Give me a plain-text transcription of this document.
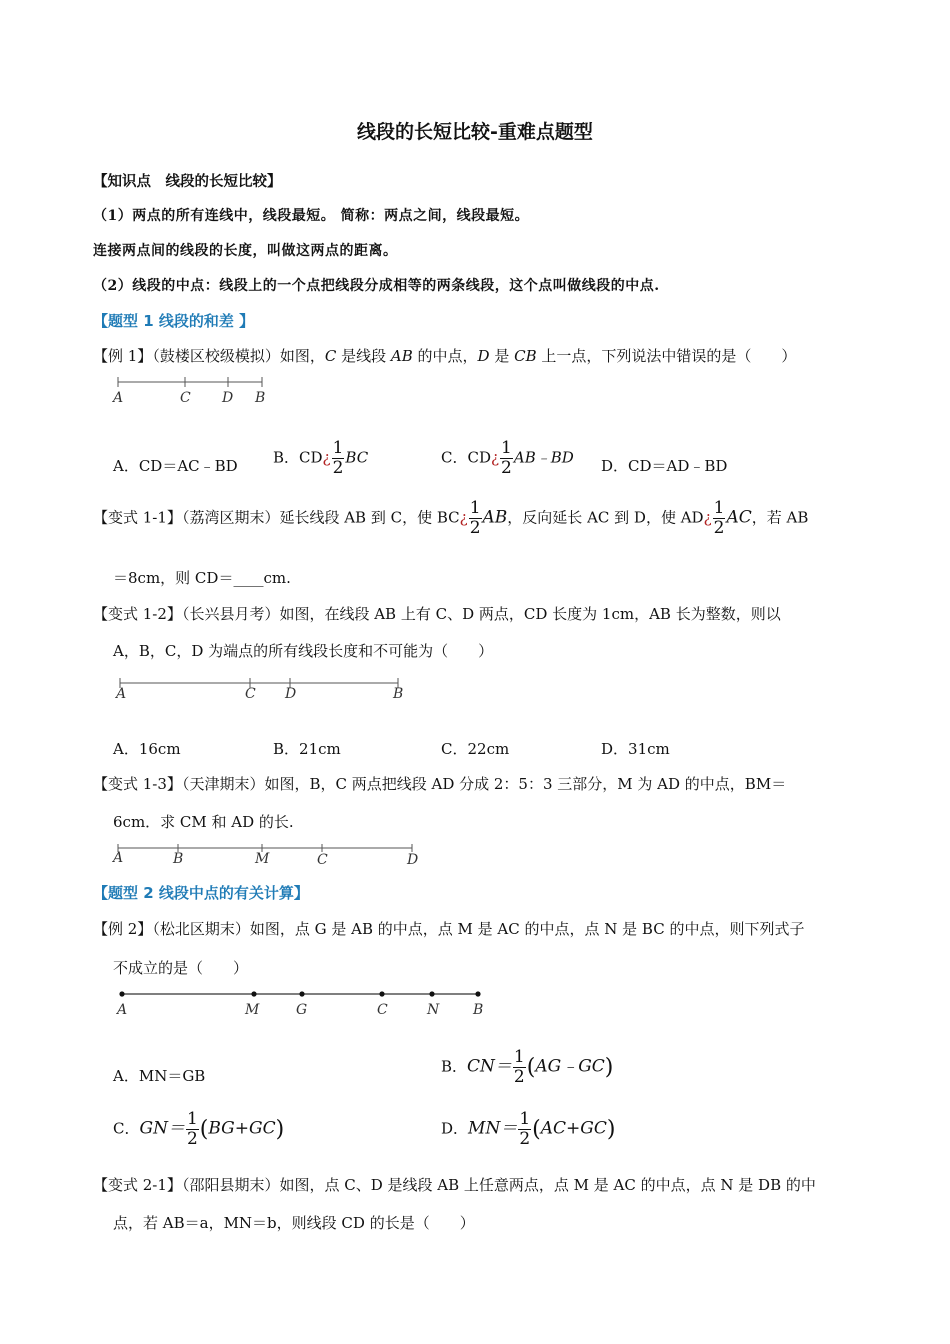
线段的长短比较-重难点题型
【知识点　线段的长短比较】
（1）两点的所有连线中，线段最短。 简称：两点之间，线段最短。
连接两点间的线段的长度，叫做这两点的距离。
（2）线段的中点：线段上的一个点把线段分成相等的两条线段，这个点叫做线段的中点.
【题型 1 线段的和差 】
【例 1】（鼓楼区校级模拟）如图，C 是线段 AB 的中点，D 是 CB 上一点，下列说法中错误的是（　　）
A	C D B
A．CD＝AC﹣BD B．CD¿ $\frac{1}{2}$ BC	C．CD¿ $\frac{1}{2}$ AB﹣BD D．CD＝AD﹣BD
【变式 1-1】（荔湾区期末）延长线段 AB 到 C，使 BC¿ $\frac{1}{2}$ AB，反向延长 AC 到 D，使 AD¿ $\frac{1}{2}$ AC，若 AB
＝8cm，则 CD＝____cm.
【变式 1-2】（长兴县月考）如图，在线段 AB 上有 C、D 两点，CD 长度为 1cm，AB 长为整数，则以
A，B，C，D 为端点的所有线段长度和不可能为（　　）
A	C D	B
A．16cm	B．21cm	C．22cm	D．31cm
【变式 1-3】（天津期末）如图，B，C 两点把线段 AD 分成 2：5：3 三部分，M 为 AD 的中点，BM＝
6cm．求 CM 和 AD 的长.
A	B	M	C	D
【题型 2 线段中点的有关计算】
【例 2】（松北区期末）如图，点 G 是 AB 的中点，点 M 是 AC 的中点，点 N 是 BC 的中点，则下列式子
不成立的是（　　）
A	M	G	C	N B
A．MN＝GB
B．$CN= \frac{1}{2}$ (AG﹣GC)
C．$GN= \frac{1}{2} (BG+GC)$	D．$MN= \frac{1}{2} (AC+GC)$
【变式 2-1】（邵阳县期末）如图，点 C、D 是线段 AB 上任意两点，点 M 是 AC 的中点，点 N 是 DB 的中
点，若 AB＝a，MN＝b，则线段 CD 的长是（　　）
